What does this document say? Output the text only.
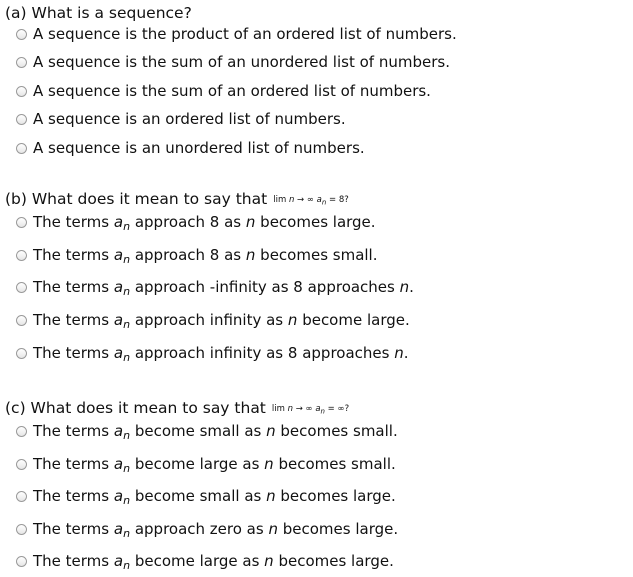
(a) What is a sequence?
A sequence is the product of an ordered list of numbers.
A sequence is the sum of an unordered list of numbers.
A sequence is the sum of an ordered list of numbers.
A sequence is an ordered list of numbers.
A sequence is an unordered list of numbers.
(b) What does it mean to say that lim n → ∞ $a_n = 8$?
The terms $a_n$ approach 8 as n becomes large.
The terms $a_n$ approach 8 as n becomes small.
The terms $a_n$ approach -infinity as 8 approaches n.
The terms $a_n$ approach infinity as n become large.
The terms $a_n$ approach infinity as 8 approaches n.
(c) What does it mean to say that lim n → ∞ $a_n$ = ∞?
The terms $a_n$ become small as n becomes small.
The terms $a_n$ become large as n becomes small.
The terms $a_n$ become small as n becomes large.
The terms $a_n$ approach zero as n becomes large.
The terms $a_n$ become large as n becomes large.
